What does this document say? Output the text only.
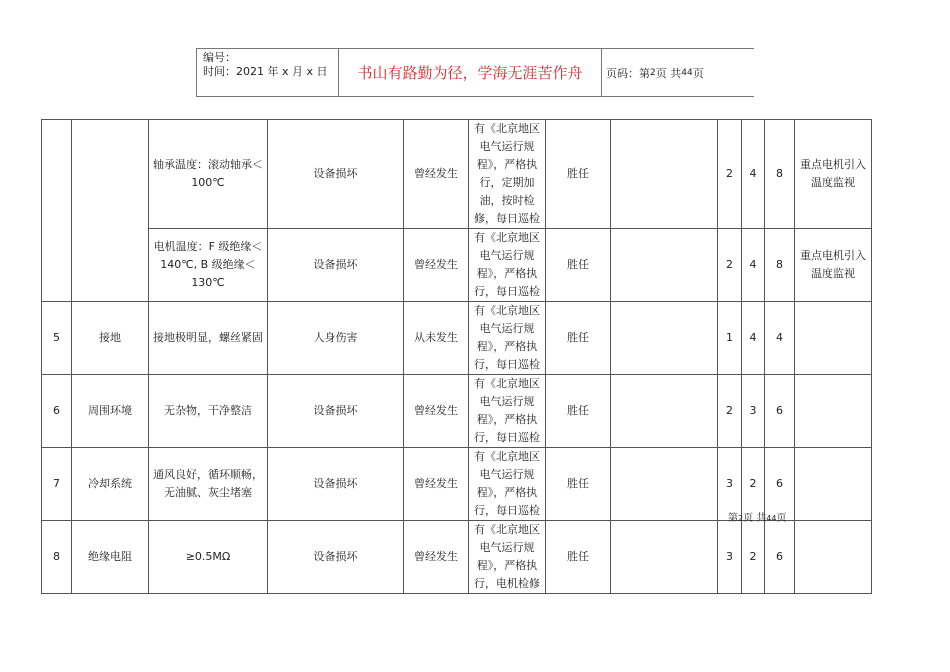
编号：
时间：2021 年 x 月 x 日	书山有路勤为径，学海无涯苦作舟	页码：第 2 页 共 44 页
		轴承温度：滚动轴承＜100℃	设备损坏	曾经发生	有《北京地区电气运行规程》，严格执行，定期加油，按时检修，每日巡检	胜任		2	4	8	重点电机引入温度监视
		电机温度：F 级绝缘＜140℃, B 级绝缘＜130℃	设备损坏	曾经发生	有《北京地区电气运行规程》，严格执行，每日巡检	胜任		2	4	8	重点电机引入温度监视
5	接地	接地极明显，螺丝紧固	人身伤害	从未发生	有《北京地区电气运行规程》，严格执行，每日巡检	胜任		1	4	4	
6	周围环境	无杂物，干净整洁	设备损坏	曾经发生	有《北京地区电气运行规程》，严格执行，每日巡检	胜任		2	3	6	
7	冷却系统	通风良好，循环顺畅，无油腻、灰尘堵塞	设备损坏	曾经发生	有《北京地区电气运行规程》，严格执行，每日巡检	胜任		3	2	6	
8	绝缘电阻	≥0.5MΩ	设备损坏	曾经发生	有《北京地区电气运行规程》，严格执行，电机检修	胜任		3	2	6	
第2页 共44页
